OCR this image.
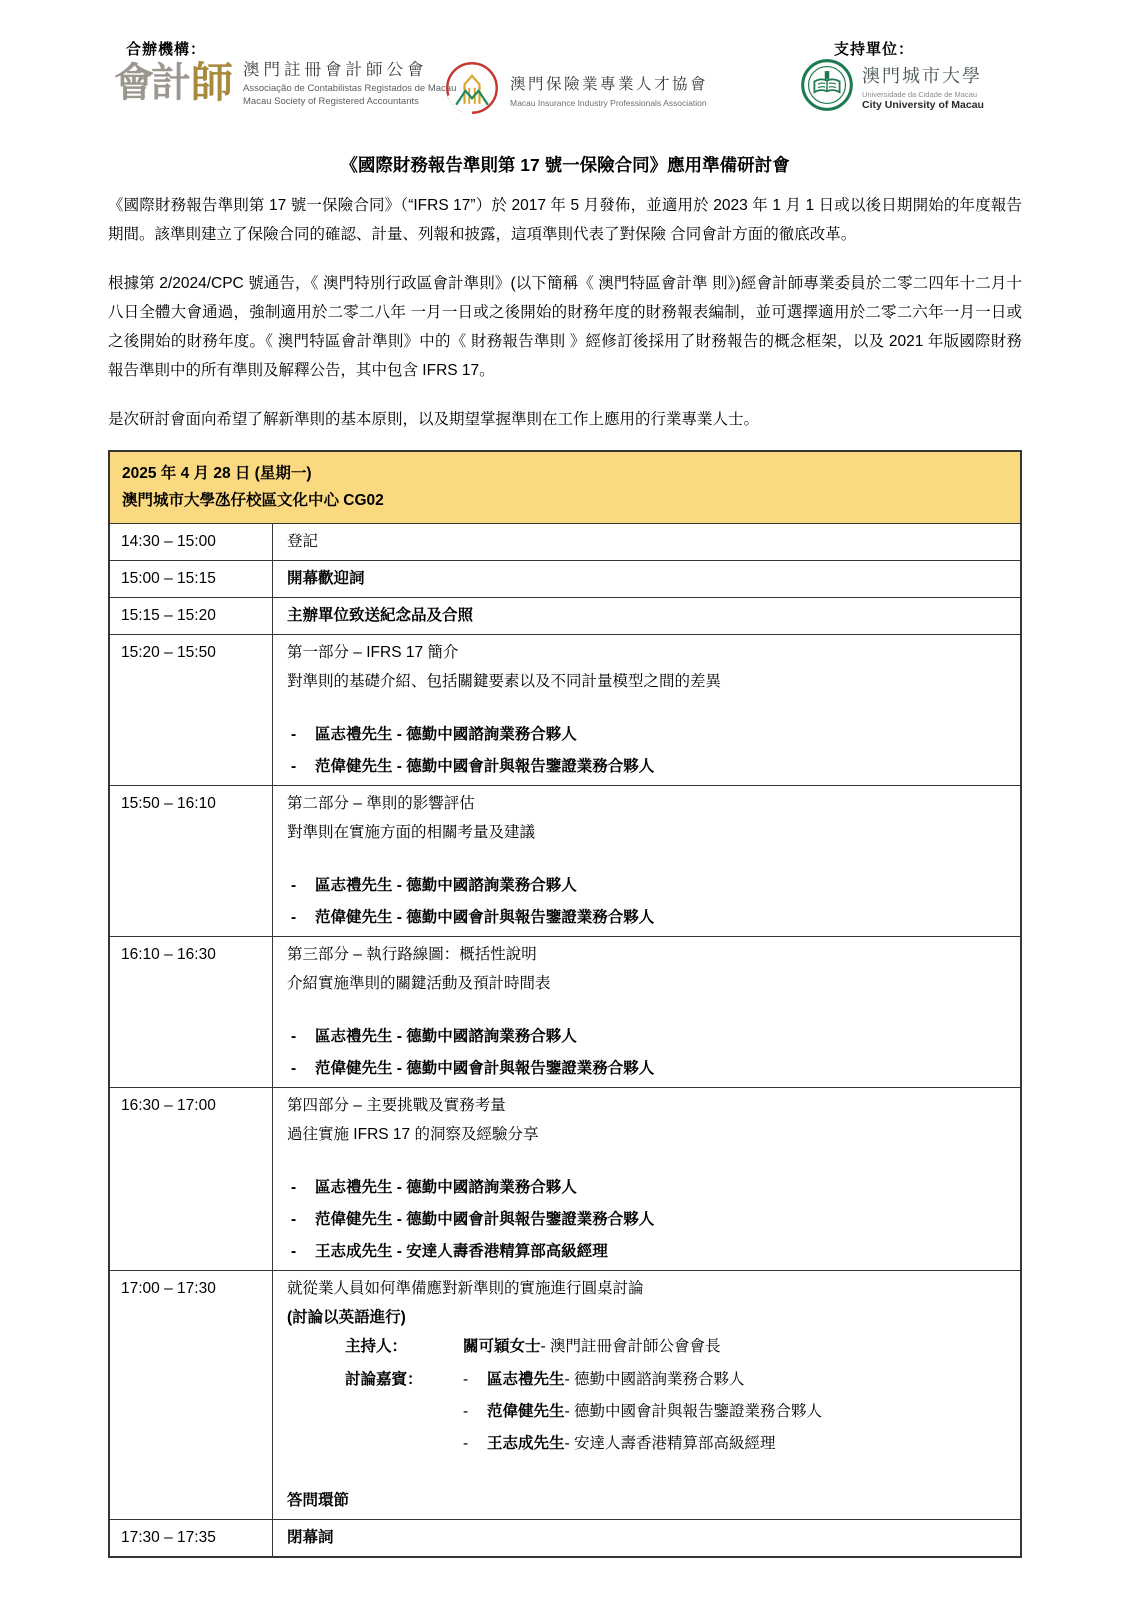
合辦機構：	支持單位：
會計 師 澳門註冊會計師公會
Associação de Contabilistas Registados de Macau
Macau Society of Registered Accountants
澳門保險業專業人才協會
Macau Insurance Industry Professionals Association
澳門城市大學
Universidade da Cidade de Macau
City University of Macau
《國際財務報告準則第 17 號一保險合同》應用準備研討會
《國際財務報告準則第 17 號一保險合同》（“IFRS 17”）於 2017 年 5 月發佈，並適用於 2023 年 1 月 1 日或以後日期開始的年度報告期間。該準則建立了保險合同的確認、計量、列報和披露，這項準則代表了對保險 合同會計方面的徹底改革。
根據第 2/2024/CPC 號通告，《 澳門特別行政區會計準則》(以下簡稱《 澳門特區會計準 則》)經會計師專業委員於二零二四年十二月十八日全體大會通過，強制適用於二零二八年 一月一日或之後開始的財務年度的財務報表編制，並可選擇適用於二零二六年一月一日或 之後開始的財務年度。《 澳門特區會計準則》中的《 財務報告準則 》經修訂後採用了財務報告的概念框架，以及 2021 年版國際財務報告準則中的所有準則及解釋公告，其中包含 IFRS 17。
是次研討會面向希望了解新準則的基本原則，以及期望掌握準則在工作上應用的行業專業人士。
2025 年 4 月 28 日 (星期一)
澳門城市大學氹仔校區文化中心 CG02
14:30 – 15:00	登記
15:00 – 15:15	開幕歡迎詞
15:15 – 15:20	主辦單位致送紀念品及合照
15:20 – 15:50	第一部分 – IFRS 17 簡介
對準則的基礎介紹、包括關鍵要素以及不同計量模型之間的差異
-	區志禮先生 - 德勤中國諮詢業務合夥人
-	范偉健先生 - 德勤中國會計與報告鑒證業務合夥人
15:50 – 16:10	第二部分 – 準則的影響評估
對準則在實施方面的相關考量及建議
-	區志禮先生 - 德勤中國諮詢業務合夥人
-	范偉健先生 - 德勤中國會計與報告鑒證業務合夥人
16:10 – 16:30	第三部分 – 執行路線圖：概括性說明
介紹實施準則的關鍵活動及預計時間表
-	區志禮先生 - 德勤中國諮詢業務合夥人
-	范偉健先生 - 德勤中國會計與報告鑒證業務合夥人
16:30 – 17:00	第四部分 – 主要挑戰及實務考量
過往實施 IFRS 17 的洞察及經驗分享
-	區志禮先生 - 德勤中國諮詢業務合夥人
-	范偉健先生 - 德勤中國會計與報告鑒證業務合夥人
-	王志成先生 - 安達人壽香港精算部高級經理
17:00 – 17:30	就從業人員如何準備應對新準則的實施進行圓桌討論
(討論以英語進行)
主持人：	關可穎女士 - 澳門註冊會計師公會會長
討論嘉賓：	-	區志禮先生 - 德勤中國諮詢業務合夥人
-	范偉健先生 - 德勤中國會計與報告鑒證業務合夥人
-	王志成先生 - 安達人壽香港精算部高級經理
答問環節
17:30 – 17:35	閉幕詞
